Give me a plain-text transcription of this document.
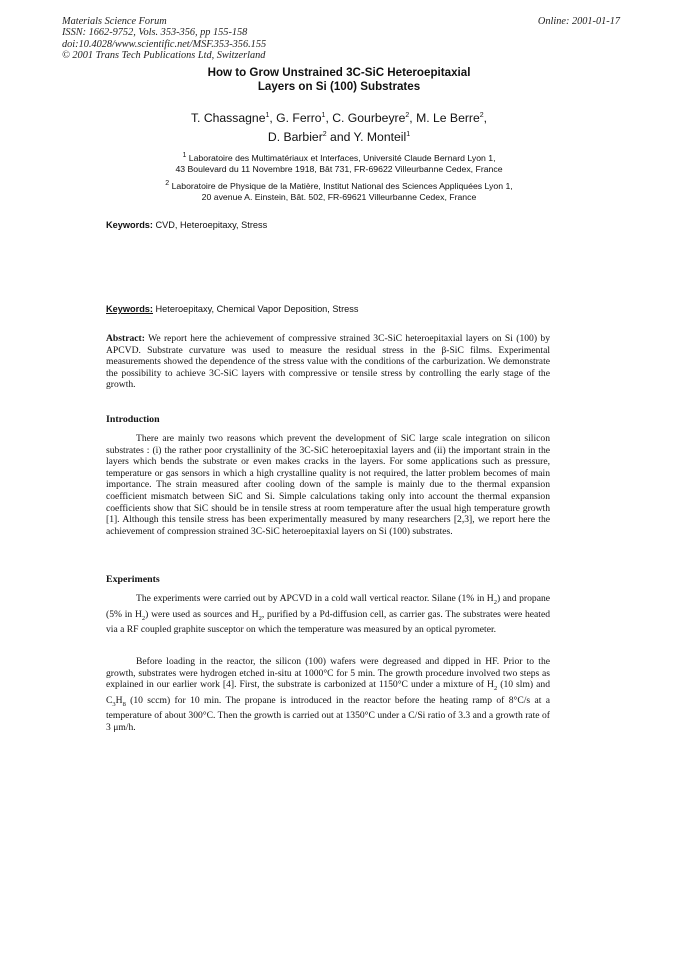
Materials Science Forum
ISSN: 1662-9752, Vols. 353-356, pp 155-158
doi:10.4028/www.scientific.net/MSF.353-356.155
© 2001 Trans Tech Publications Ltd, Switzerland
Online: 2001-01-17
How to Grow Unstrained 3C-SiC Heteroepitaxial
Layers on Si (100) Substrates
T. Chassagne$^1$, G. Ferro$^1$, C. Gourbeyre$^2$, M. Le Berre$^2$,
D. Barbier$^2$ and Y. Monteil$^1$
$^1$ Laboratoire des Multimatériaux et Interfaces, Université Claude Bernard Lyon 1,
43 Boulevard du 11 Novembre 1918, Bât 731, FR-69622 Villeurbanne Cedex, France
$^2$ Laboratoire de Physique de la Matière, Institut National des Sciences Appliquées Lyon 1,
20 avenue A. Einstein, Bât. 502, FR-69621 Villeurbanne Cedex, France
Keywords: CVD, Heteroepitaxy, Stress
Keywords: Heteroepitaxy, Chemical Vapor Deposition, Stress
Abstract: We report here the achievement of compressive strained 3C-SiC heteroepitaxial layers on Si (100) by APCVD. Substrate curvature was used to measure the residual stress in the β-SiC films. Experimental measurements showed the dependence of the stress value with the conditions of the carburization. We demonstrate the possibility to achieve 3C-SiC layers with compressive or tensile stress by controlling the early stage of the growth.
Introduction
There are mainly two reasons which prevent the development of SiC large scale integration on silicon substrates : (i) the rather poor crystallinity of the 3C-SiC heteroepitaxial layers and (ii) the important strain in the layers which bends the substrate or even makes cracks in the layers. For some applications such as pressure, temperature or gas sensors in which a high crystalline quality is not required, the latter problem becomes of main importance. The strain measured after cooling down of the sample is mainly due to the thermal expansion coefficient mismatch between SiC and Si. Simple calculations taking only into account the thermal expansion coefficients show that SiC should be in tensile stress at room temperature after the usual high temperature growth [1]. Although this tensile stress has been experimentally measured by many researchers [2,3], we report here the achievement of compression strained 3C-SiC heteroepitaxial layers on Si (100) substrates.
Experiments
The experiments were carried out by APCVD in a cold wall vertical reactor. Silane (1% in $H_2$) and propane (5% in $H_2$) were used as sources and $H_2$, purified by a Pd-diffusion cell, as carrier gas. The substrates were heated via a RF coupled graphite susceptor on which the temperature was measured by an optical pyrometer.
Before loading in the reactor, the silicon (100) wafers were degreased and dipped in HF. Prior to the growth, substrates were hydrogen etched in-situ at 1000°C for 5 min. The growth procedure involved two steps as explained in our earlier work [4]. First, the substrate is carbonized at 1150°C under a mixture of $H_2$ (10 slm) and $C_3H_8$ (10 sccm) for 10 min. The propane is introduced in the reactor before the heating ramp of 8°C/s at a temperature of about 300°C. Then the growth is carried out at 1350°C under a C/Si ratio of 3.3 and a growth rate of 3 μm/h.
